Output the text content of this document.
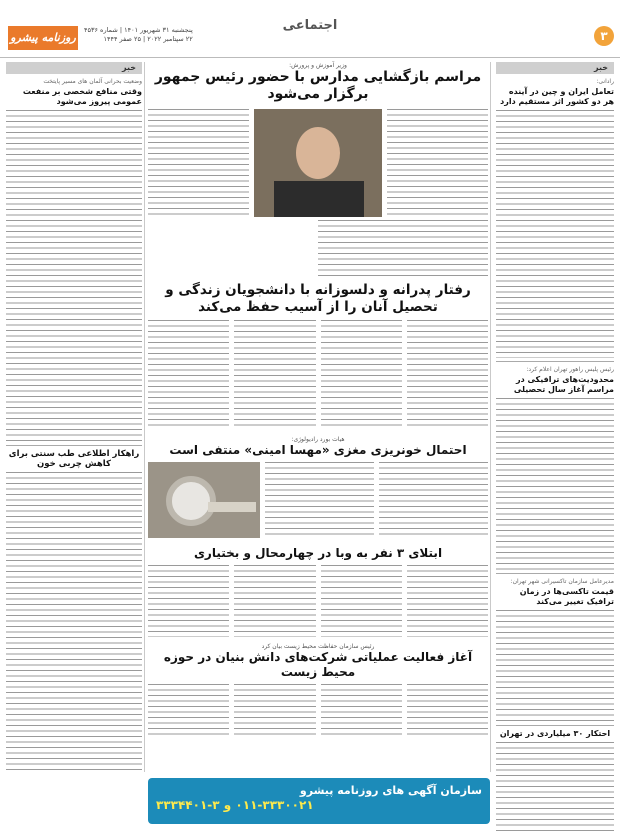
۳
اجتماعی
روزنامه پیشرو
پنجشنبه ۳۱ شهریور ۱۴۰۱ | شماره ۴۵۳۶
۲۲ سپتامبر ۲۰۲۲ | ۲۵ صفر ۱۴۴۴
خبر
رادانی:
تعامل ایران و چین در آینده هر دو کشور اثر مستقیم دارد
رئیس پلیس راهور تهران اعلام کرد:
محدودیت‌های ترافیکی در مراسم آغاز سال تحصیلی
مدیرعامل سازمان تاکسیرانی شهر تهران:
قیمت تاکسی‌ها در زمان ترافیک تغییر می‌کند
احتکار ۳۰ میلیاردی در تهران
خبر
وضعیت بحرانی آلمان های مسیر پایتخت
وقتی منافع شخصی بر منفعت عمومی پیروز می‌شود
راهکار اطلاعی طب سنتی برای کاهش چربی خون
وزیر آموزش و پرورش:
مراسم بازگشایی مدارس با حضور رئیس جمهور برگزار می‌شود
رفتار پدرانه و دلسوزانه با دانشجویان زندگی و تحصیل آنان را از آسیب حفظ می‌کند
هیات بورد رادیولوژی:
احتمال خونریزی مغزی «مهسا امینی» منتفی است
ابتلای ۳ نفر به وبا در چهارمحال و بختیاری
رئیس سازمان حفاظت محیط زیست بیان کرد
آغاز فعالیت عملیاتی شرکت‌های دانش بنیان در حوزه محیط زیست
سازمان آگهی های روزنامه پیشرو
۰۱۱-۳۳۳۰۰۲۱ و ۳-۳۳۳۴۴۰۱
